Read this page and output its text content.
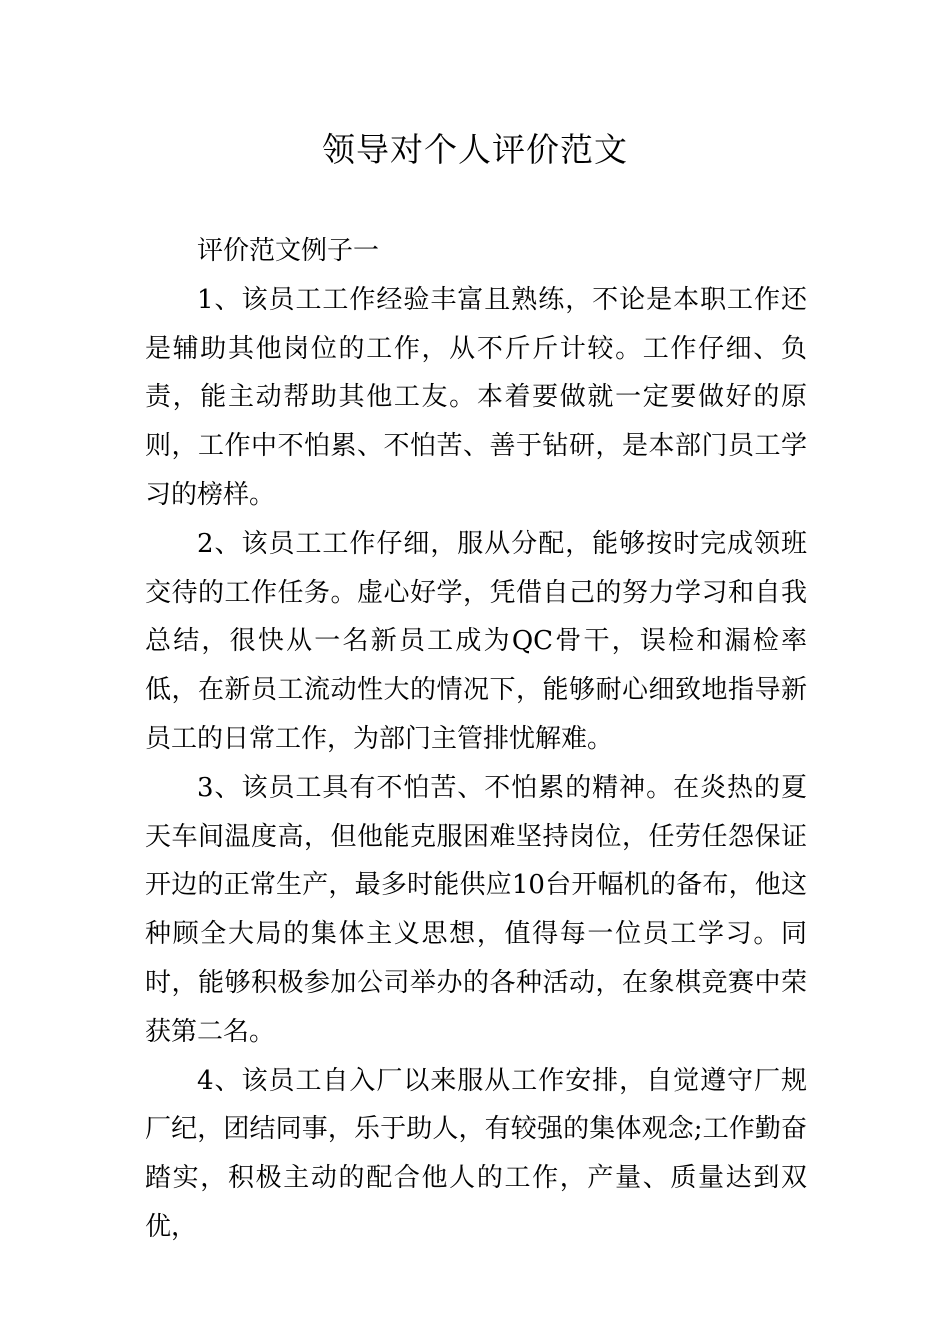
领导对个人评价范文

评价范文例子一

1、该员工工作经验丰富且熟练，不论是本职工作还是辅助其他岗位的工作，从不斤斤计较。工作仔细、负责，能主动帮助其他工友。本着要做就一定要做好的原则，工作中不怕累、不怕苦、善于钻研，是本部门员工学习的榜样。

2、该员工工作仔细，服从分配，能够按时完成领班交待的工作任务。虚心好学，凭借自己的努力学习和自我总结，很快从一名新员工成为QC骨干，误检和漏检率低，在新员工流动性大的情况下，能够耐心细致地指导新员工的日常工作，为部门主管排忧解难。

3、该员工具有不怕苦、不怕累的精神。在炎热的夏天车间温度高，但他能克服困难坚持岗位，任劳任怨保证开边的正常生产，最多时能供应10台开幅机的备布，他这种顾全大局的集体主义思想，值得每一位员工学习。同时，能够积极参加公司举办的各种活动，在象棋竞赛中荣获第二名。

4、该员工自入厂以来服从工作安排，自觉遵守厂规厂纪，团结同事，乐于助人，有较强的集体观念;工作勤奋踏实，积极主动的配合他人的工作，产量、质量达到双优，
